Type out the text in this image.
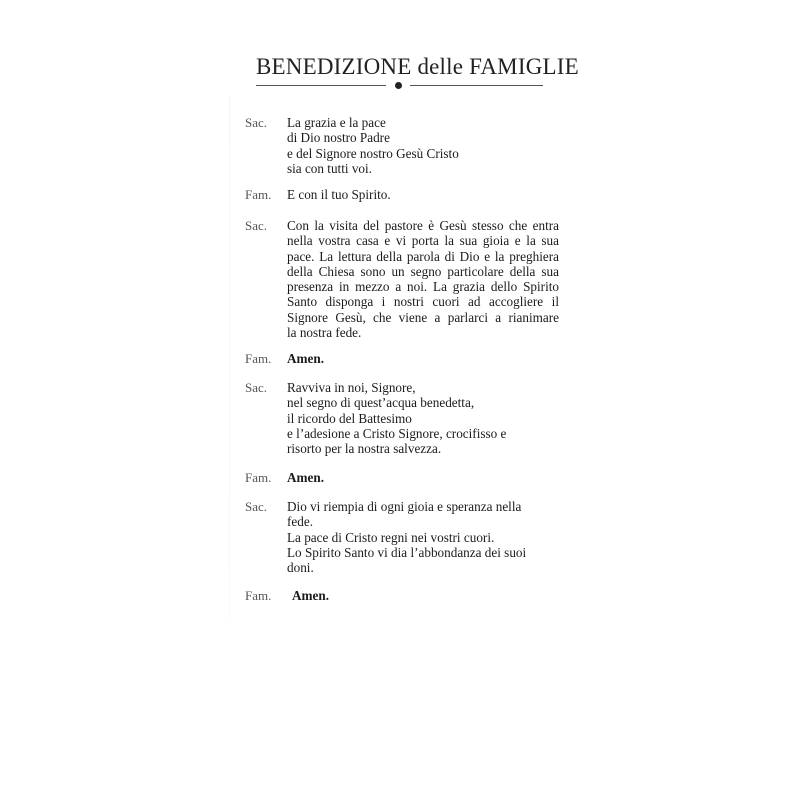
BENEDIZIONE delle FAMIGLIE
Sac. La grazia e la pace
di Dio nostro Padre
e del Signore nostro Gesù Cristo
sia con tutti voi.
Fam. E con il tuo Spirito.
Sac. Con la visita del pastore è Gesù stesso che entra
nella vostra casa e vi porta la sua gioia e la sua
pace. La lettura della parola di Dio e la preghiera
della Chiesa sono un segno particolare della sua
presenza in mezzo a noi. La grazia dello Spirito
Santo disponga i nostri cuori ad accogliere il
Signore Gesù, che viene a parlarci a rianimare
la nostra fede.
Fam. Amen.
Sac. Ravviva in noi, Signore,
nel segno di quest’acqua benedetta,
il ricordo del Battesimo
e l’adesione a Cristo Signore, crocifisso e
risorto per la nostra salvezza.
Fam. Amen.
Sac. Dio vi riempia di ogni gioia e speranza nella
fede.
La pace di Cristo regni nei vostri cuori.
Lo Spirito Santo vi dia l’abbondanza dei suoi
doni.
Fam. Amen.
